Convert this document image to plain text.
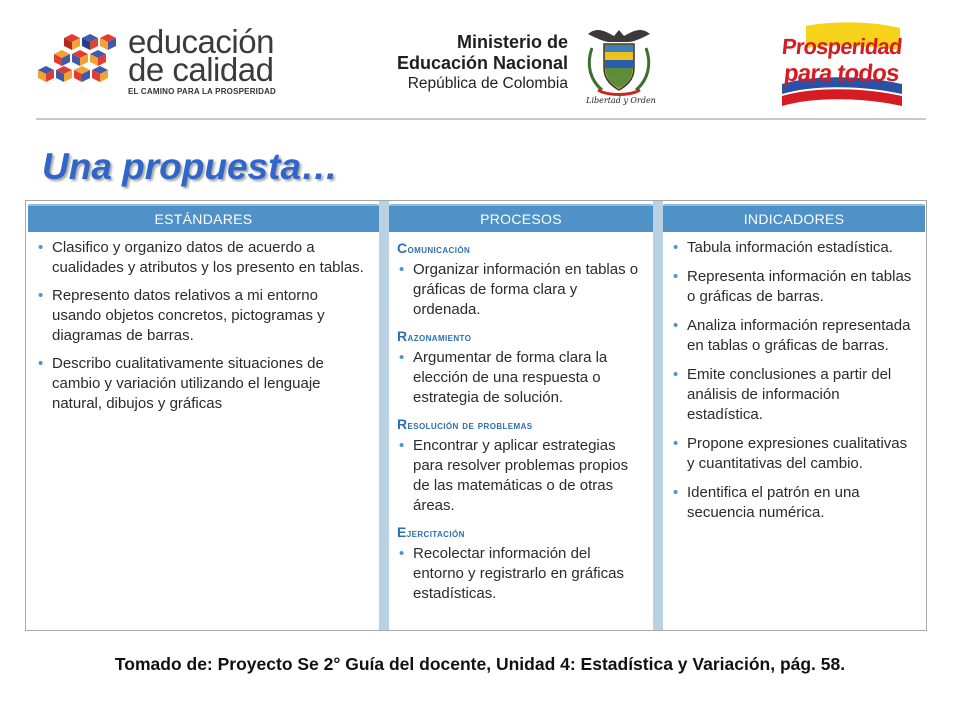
educación
de calidad
EL CAMINO PARA LA PROSPERIDAD
Ministerio de
Educación Nacional
República de Colombia
Libertad y Orden
Prosperidad
para todos
Una propuesta…
ESTÁNDARES
• Clasifico y organizo datos de acuerdo a cualidades y atributos y los presento en tablas.
• Represento datos relativos a mi entorno usando objetos concretos, pictogramas y diagramas de barras.
• Describo cualitativamente situaciones de cambio y variación utilizando el lenguaje natural, dibujos y gráficas
PROCESOS
Comunicación
• Organizar información en tablas o gráficas de forma clara y ordenada.
Razonamiento
• Argumentar de forma clara la elección de una respuesta o estrategia de solución.
Resolución de problemas
• Encontrar y aplicar estrategias para resolver problemas propios de las matemáticas o de otras áreas.
Ejercitación
• Recolectar información del entorno y registrarlo en gráficas estadísticas.
INDICADORES
• Tabula información estadística.
• Representa información en tablas o gráficas de barras.
• Analiza información representada en tablas o gráficas de barras.
• Emite conclusiones a partir del análisis de información estadística.
• Propone expresiones cualitativas y cuantitativas del cambio.
• Identifica el patrón en una secuencia numérica.
Tomado de: Proyecto Se 2° Guía del docente, Unidad 4: Estadística y Variación, pág. 58.
